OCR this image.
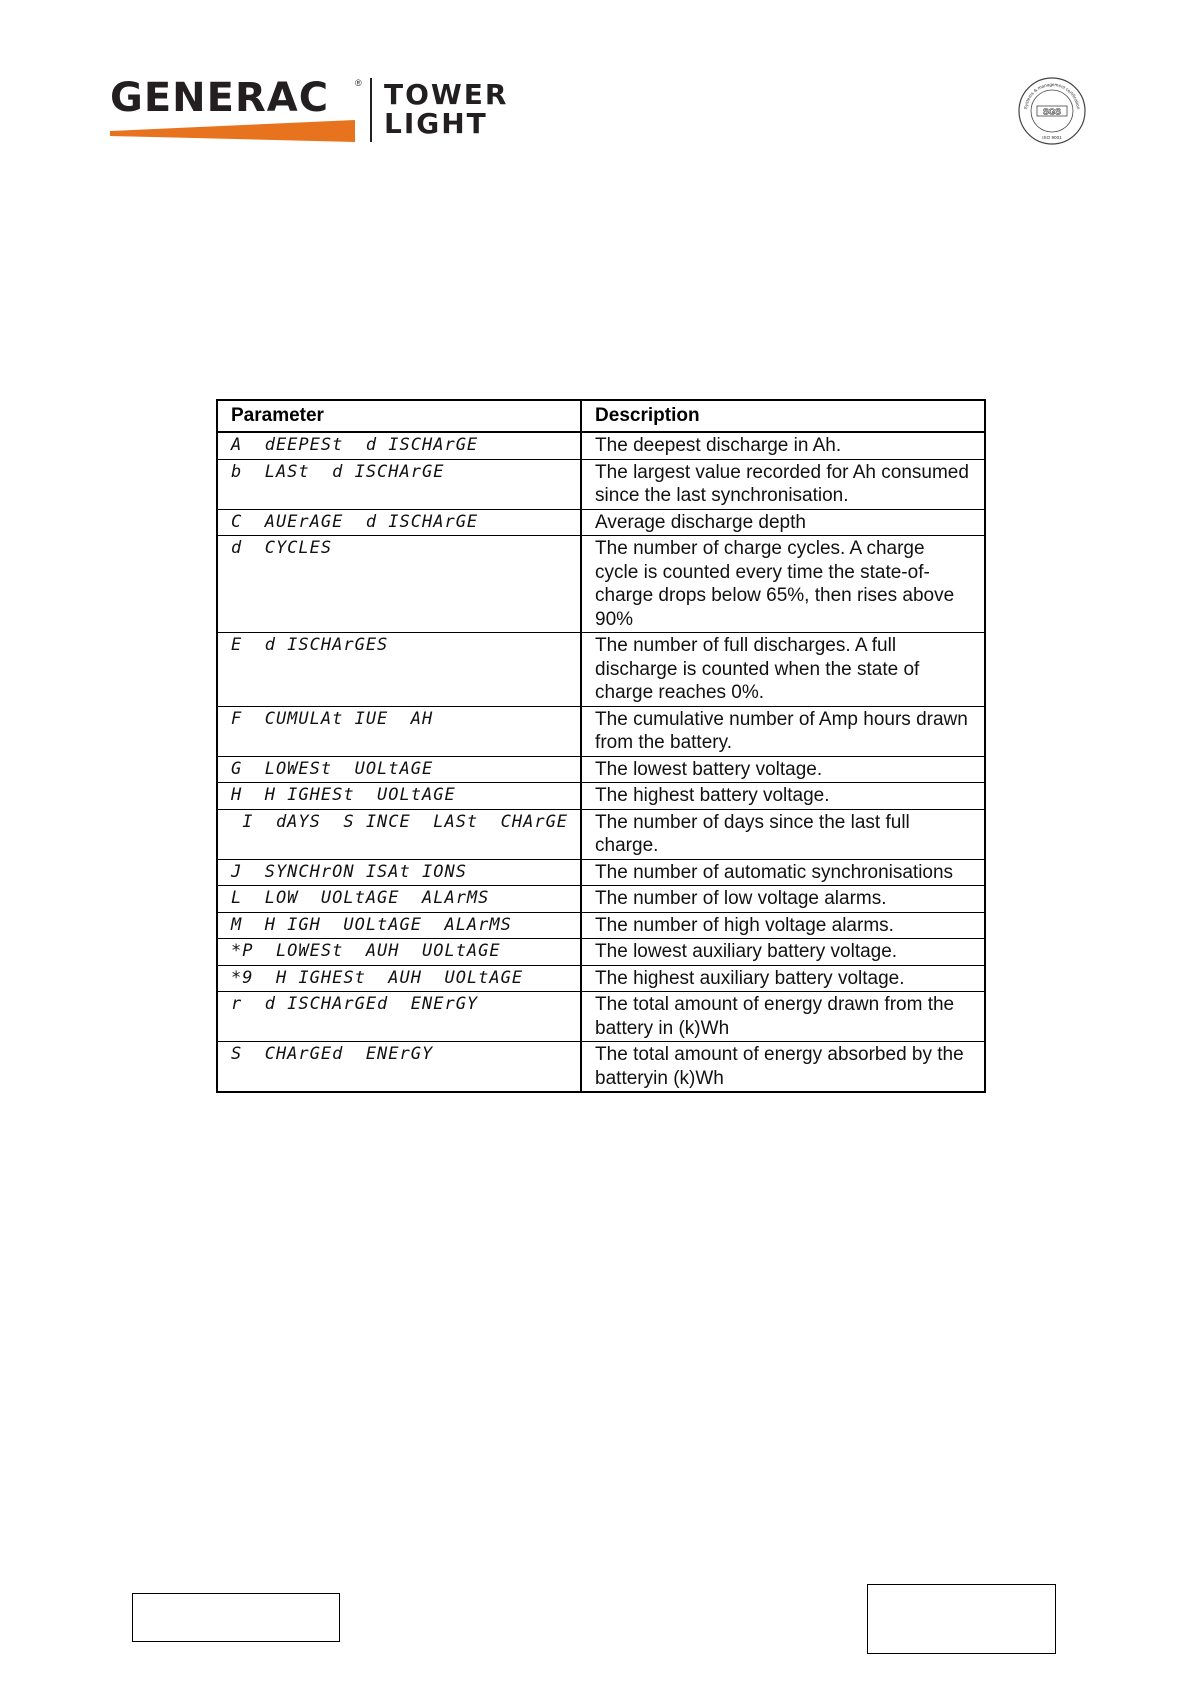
GENERAC	® TOWER
LIGHT	Systems & management certification
SGS
ISO 9001
Parameter	Description
A  dEEPESt  d ISCHArGE	The deepest discharge in Ah.
b  LASt  d ISCHArGE	The largest value recorded for Ah consumed since the last synchronisation.
C  AUErAGE  d ISCHArGE	Average discharge depth
d  CYCLES	The number of charge cycles. A charge cycle is counted every time the state-of-charge drops below 65%, then rises above 90%
E  d ISCHArGES	The number of full discharges. A full discharge is counted when the state of charge reaches 0%.
F  CUMULAt IUE  AH	The cumulative number of Amp hours drawn from the battery.
G  LOWESt  UOLtAGE	The lowest battery voltage.
H  H IGHESt  UOLtAGE	The highest battery voltage.
I  dAYS  S INCE  LASt  CHArGE	The number of days since the last full charge.
J  SYNCHrON ISAt IONS	The number of automatic synchronisations
L  LOW  UOLtAGE  ALArMS	The number of low voltage alarms.
M  H IGH  UOLtAGE  ALArMS	The number of high voltage alarms.
*P  LOWESt  AUH  UOLtAGE	The lowest auxiliary battery voltage.
*9  H IGHESt  AUH  UOLtAGE	The highest auxiliary battery voltage.
r  d ISCHArGEd  ENErGY	The total amount of energy drawn from the battery in (k)Wh
S  CHArGEd  ENErGY	The total amount of energy absorbed by the batteryin (k)Wh
